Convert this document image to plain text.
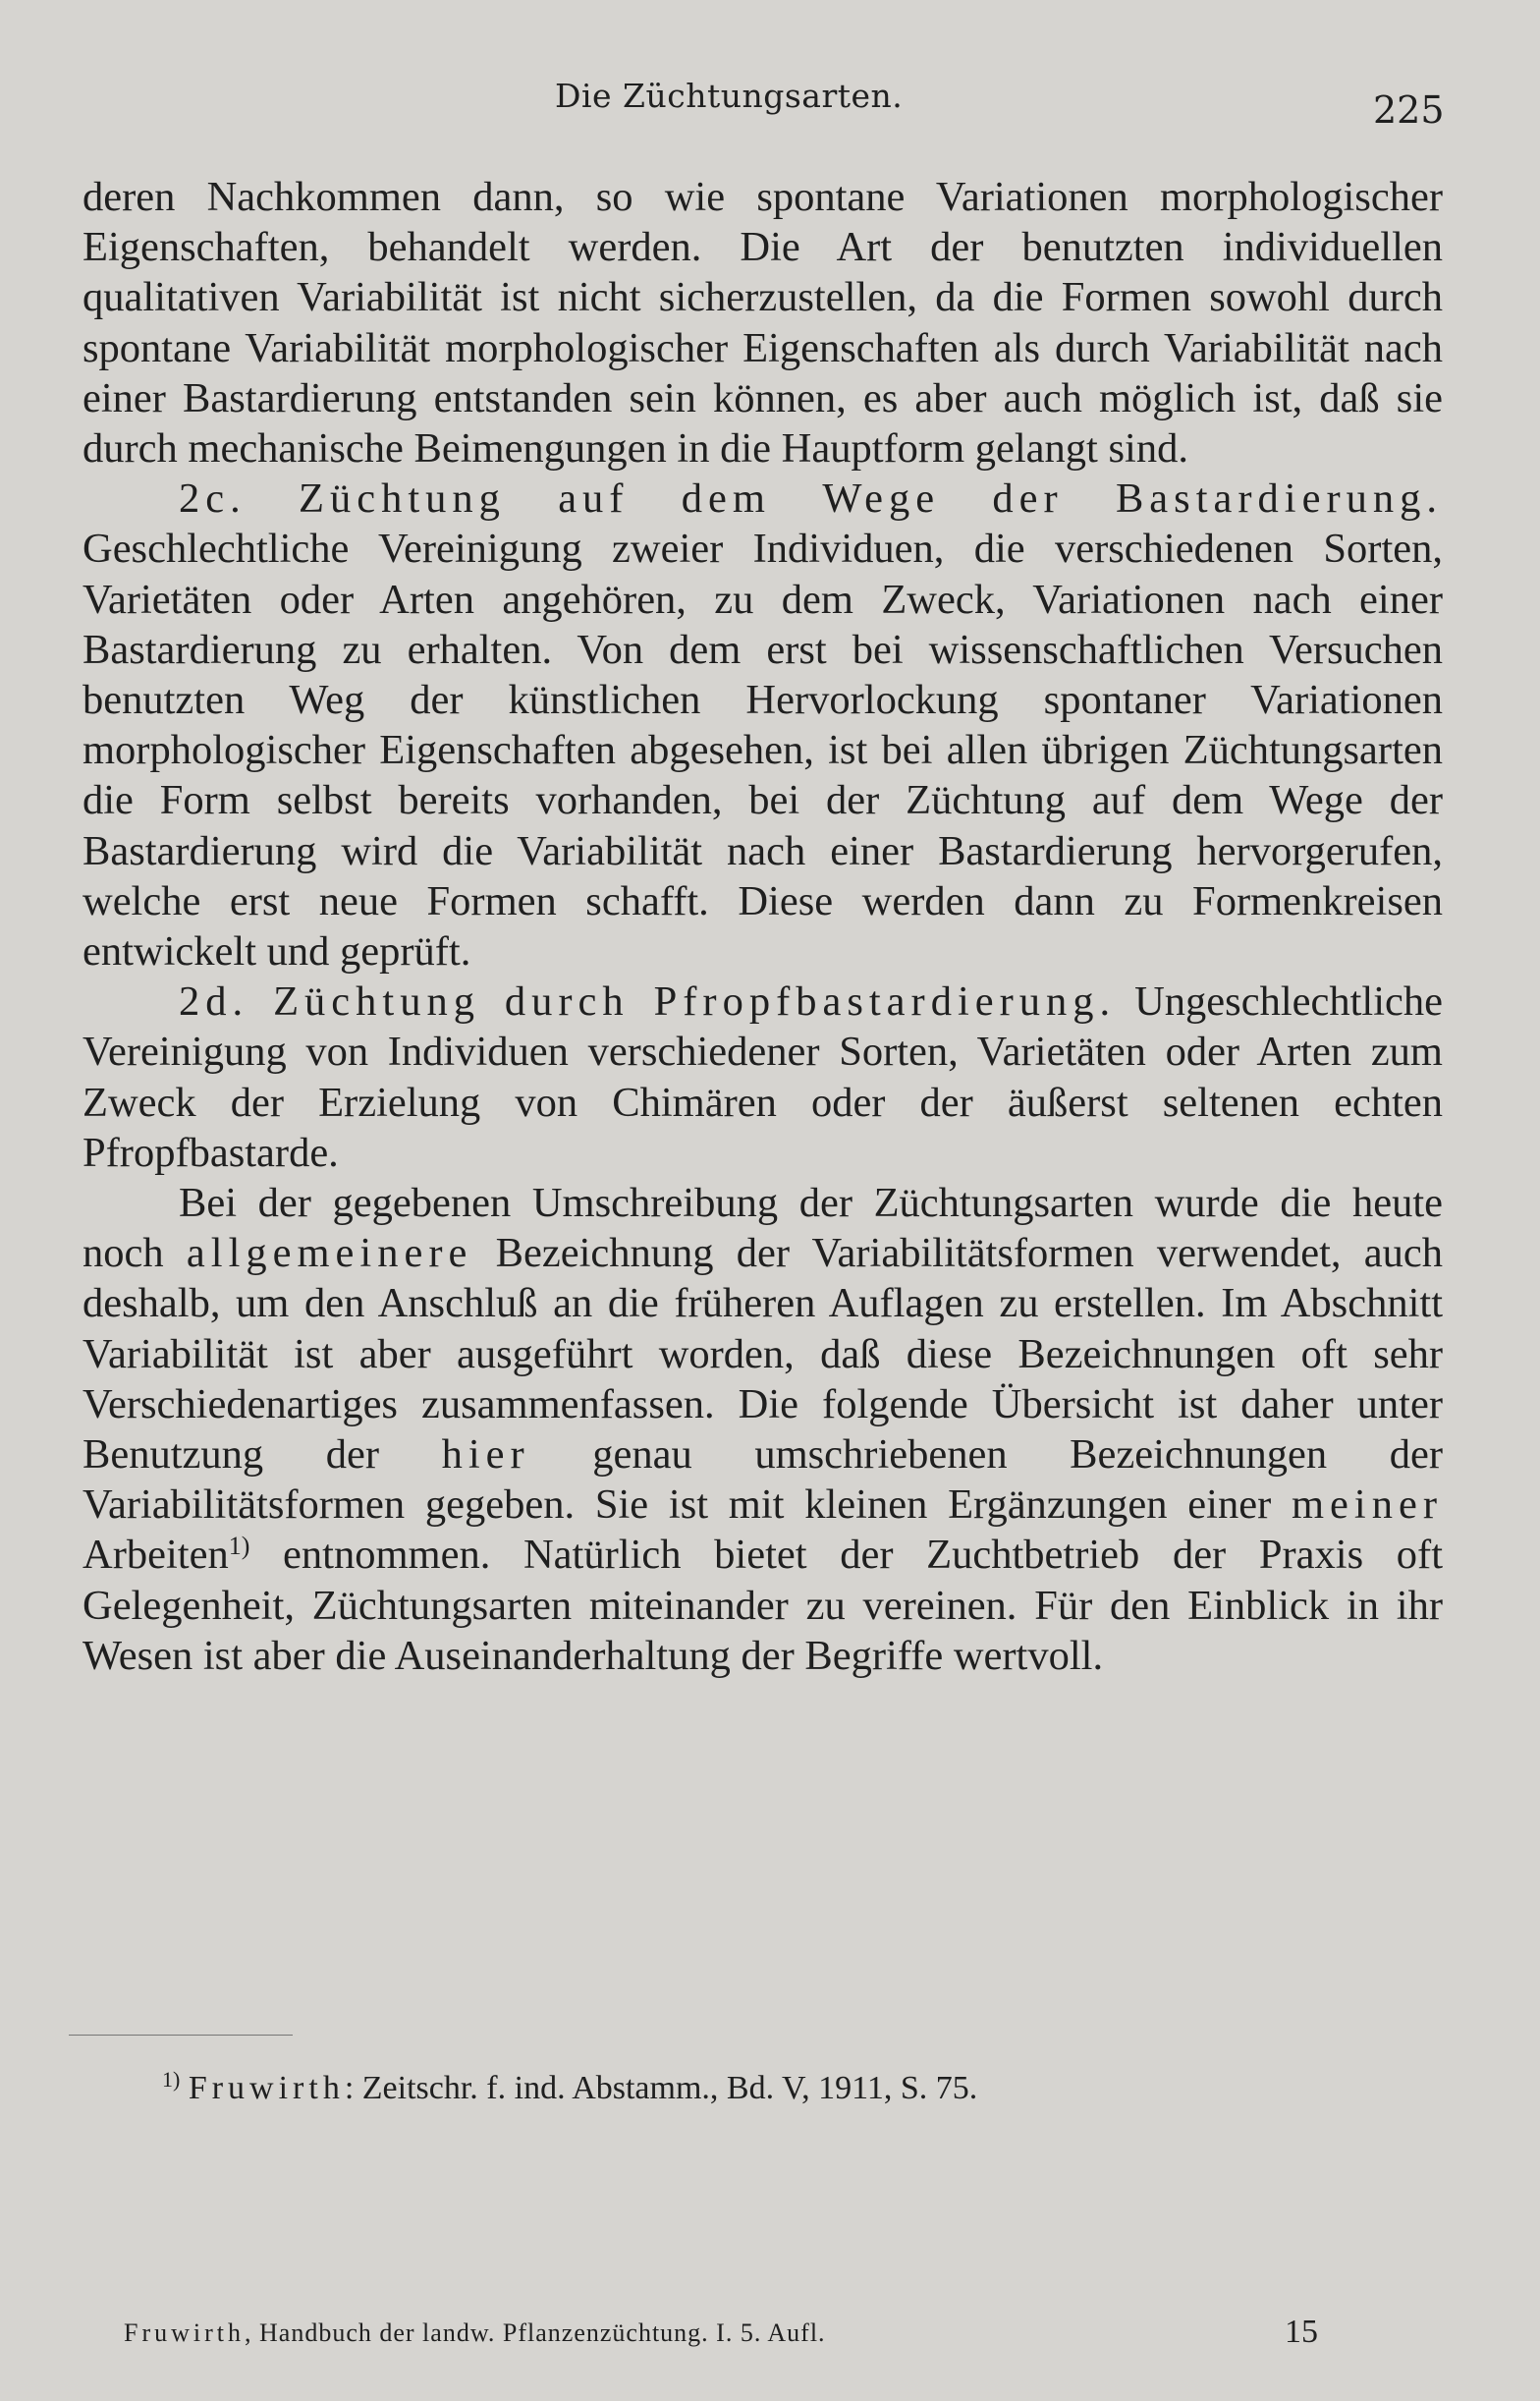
Die Züchtungsarten.	225

deren Nachkommen dann, so wie spontane Variationen morphologischer Eigenschaften, behandelt werden. Die Art der benutzten individuellen qualitativen Variabilität ist nicht sicherzustellen, da die Formen sowohl durch spontane Variabilität morphologischer Eigenschaften als durch Variabilität nach einer Bastardierung entstanden sein können, es aber auch möglich ist, daß sie durch mechanische Beimengungen in die Hauptform gelangt sind.

2c. Züchtung auf dem Wege der Bastardierung. Geschlechtliche Vereinigung zweier Individuen, die verschiedenen Sorten, Varietäten oder Arten angehören, zu dem Zweck, Variationen nach einer Bastardierung zu erhalten. Von dem erst bei wissenschaftlichen Versuchen benutzten Weg der künstlichen Hervorlockung spontaner Variationen morphologischer Eigenschaften abgesehen, ist bei allen übrigen Züchtungsarten die Form selbst bereits vorhanden, bei der Züchtung auf dem Wege der Bastardierung wird die Variabilität nach einer Bastardierung hervorgerufen, welche erst neue Formen schafft. Diese werden dann zu Formenkreisen entwickelt und geprüft.

2d. Züchtung durch Pfropfbastardierung. Ungeschlechtliche Vereinigung von Individuen verschiedener Sorten, Varietäten oder Arten zum Zweck der Erzielung von Chimären oder der äußerst seltenen echten Pfropfbastarde.

Bei der gegebenen Umschreibung der Züchtungsarten wurde die heute noch allgemeinere Bezeichnung der Variabilitätsformen verwendet, auch deshalb, um den Anschluß an die früheren Auflagen zu erstellen. Im Abschnitt Variabilität ist aber ausgeführt worden, daß diese Bezeichnungen oft sehr Verschiedenartiges zusammenfassen. Die folgende Übersicht ist daher unter Benutzung der hier genau umschriebenen Bezeichnungen der Variabilitätsformen gegeben. Sie ist mit kleinen Ergänzungen einer meiner Arbeiten$^{1)}$ entnommen. Natürlich bietet der Zuchtbetrieb der Praxis oft Gelegenheit, Züchtungsarten miteinander zu vereinen. Für den Einblick in ihr Wesen ist aber die Auseinanderhaltung der Begriffe wertvoll.

$^{1)}$ Fruwirth: Zeitschr. f. ind. Abstamm., Bd. V, 1911, S. 75.
Fruwirth, Handbuch der landw. Pflanzenzüchtung. I. 5. Aufl.	15
